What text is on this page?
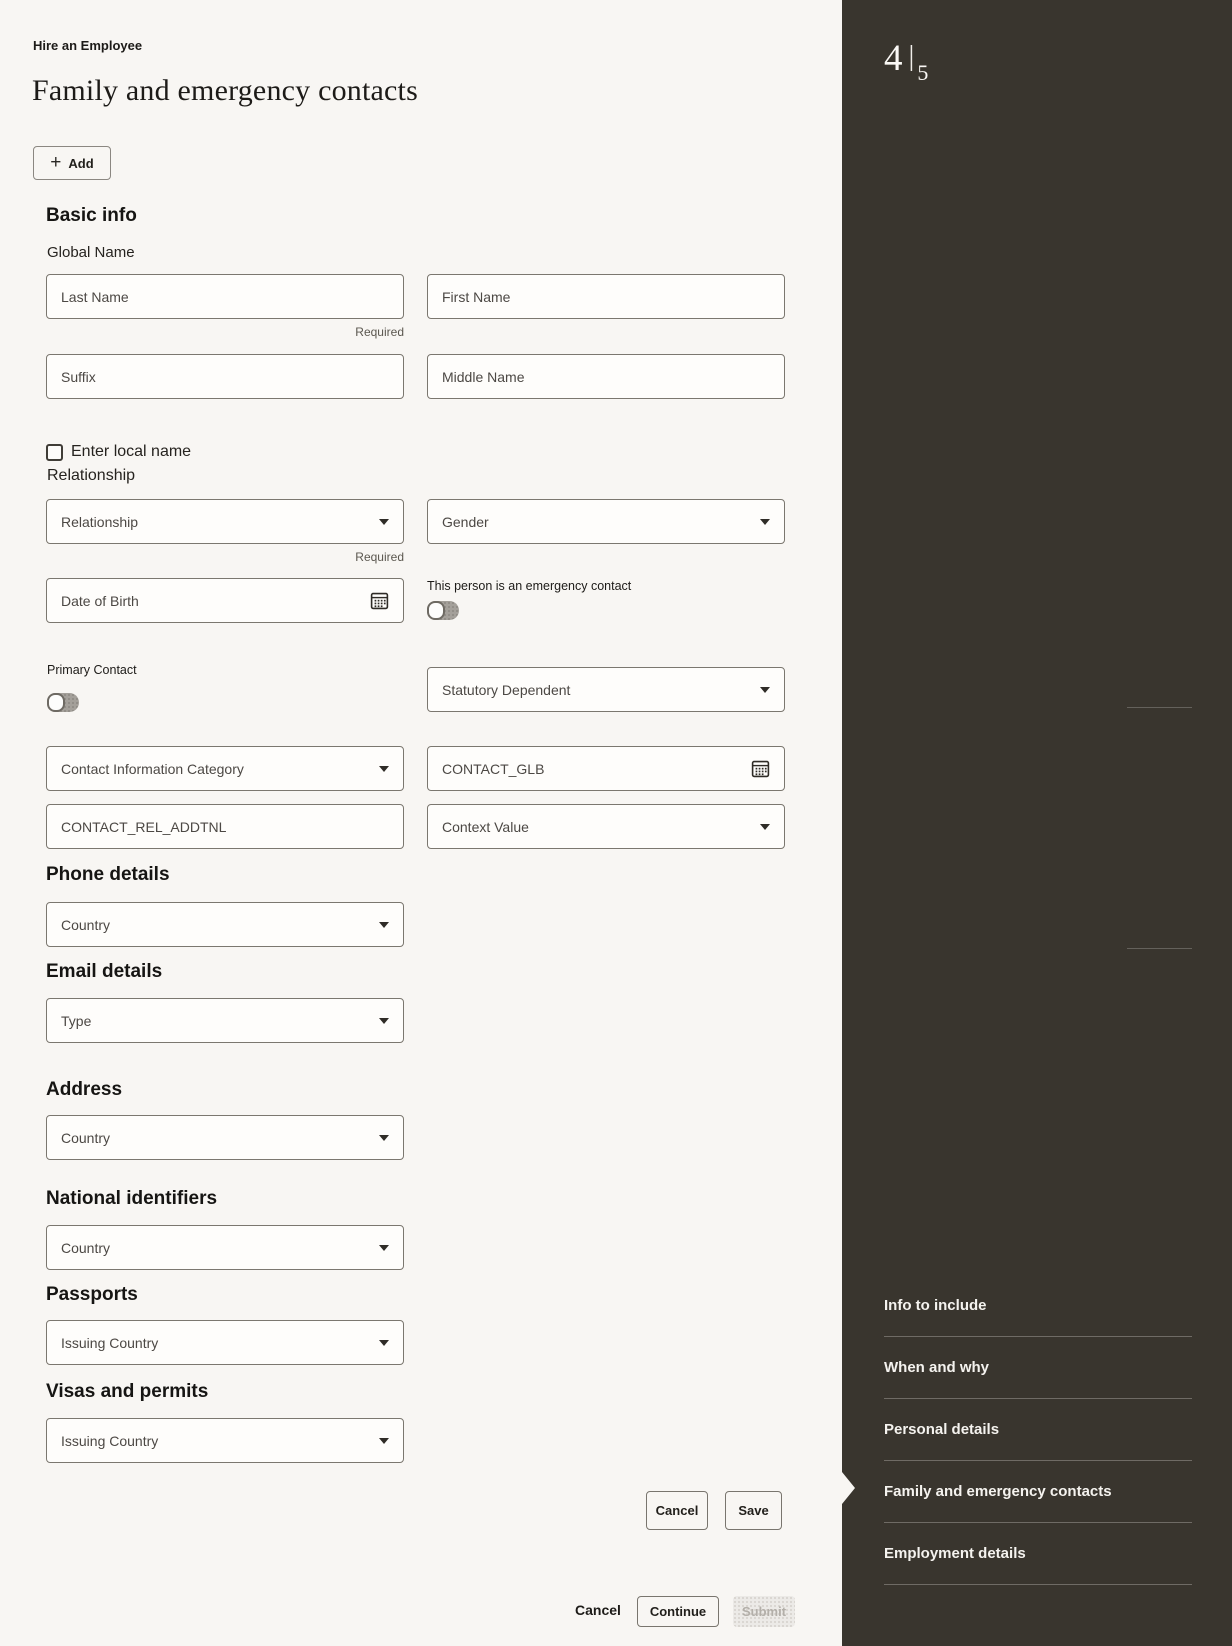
Hire an Employee
Family and emergency contacts
+ Add
Basic info
Global Name
Last Name	First Name
Required
Suffix	Middle Name
Enter local name
Relationship
Relationship	Gender
Required
Date of Birth
This person is an emergency contact
Primary Contact
Statutory Dependent
Contact Information Category	CONTACT_GLB
CONTACT_REL_ADDTNL	Context Value
Phone details
Country
Email details
Type
Address
Country
National identifiers
Country
Passports
Issuing Country
Visas and permits
Issuing Country
Cancel	Save
Cancel	Continue	Submit
4 |5
Info to include
When and why
Personal details
Family and emergency contacts
Employment details
